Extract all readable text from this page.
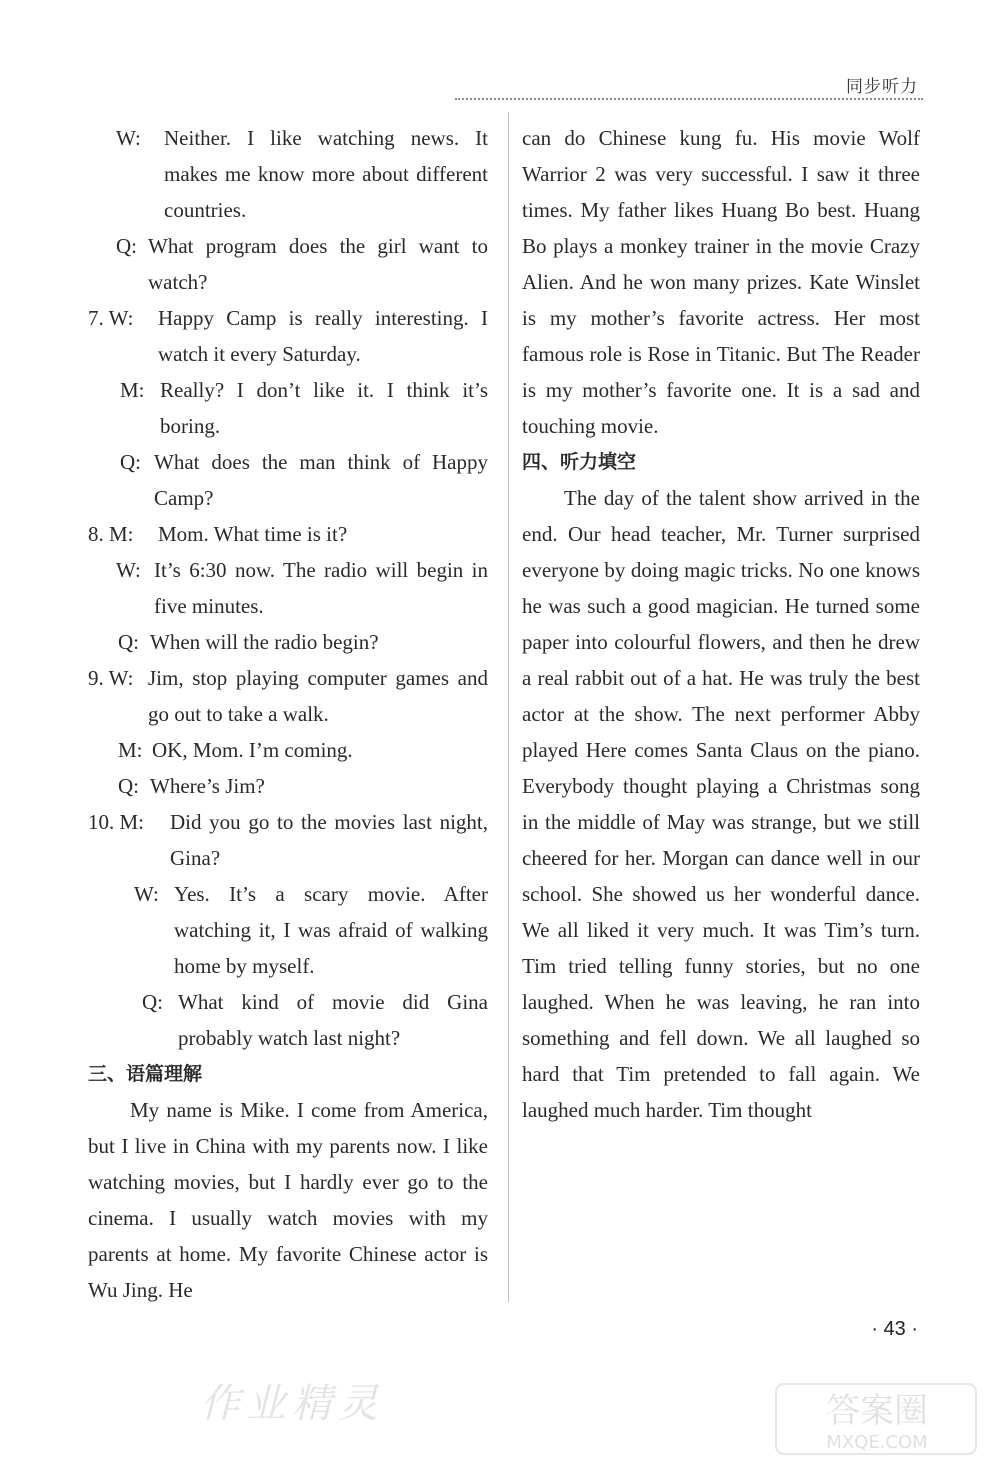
同步听力
W: Neither. I like watching news. It makes me know more about different countries.
Q: What program does the girl want to watch?
7. W: Happy Camp is really interesting. I watch it every Saturday.
M: Really? I don’t like it. I think it’s boring.
Q: What does the man think of Happy Camp?
8. M: Mom. What time is it?
W: It’s 6:30 now. The radio will begin in five minutes.
Q: When will the radio begin?
9. W: Jim, stop playing computer games and go out to take a walk.
M: OK, Mom. I’m coming.
Q: Where’s Jim?
10. M: Did you go to the movies last night, Gina?
W: Yes. It’s a scary movie. After watching it, I was afraid of walking home by myself.
Q: What kind of movie did Gina probably watch last night?

三、语篇理解

My name is Mike. I come from America, but I live in China with my parents now. I like watching movies, but I hardly ever go to the cinema. I usually watch movies with my parents at home. My favorite Chinese actor is Wu Jing. He

can do Chinese kung fu. His movie Wolf Warrior 2 was very successful. I saw it three times. My father likes Huang Bo best. Huang Bo plays a monkey trainer in the movie Crazy Alien. And he won many prizes. Kate Winslet is my mother’s favorite actress. Her most famous role is Rose in Titanic. But The Reader is my mother’s favorite one. It is a sad and touching movie.

四、听力填空

The day of the talent show arrived in the end. Our head teacher, Mr. Turner surprised everyone by doing magic tricks. No one knows he was such a good magician. He turned some paper into colourful flowers, and then he drew a real rabbit out of a hat. He was truly the best actor at the show. The next performer Abby played Here comes Santa Claus on the piano. Everybody thought playing a Christmas song in the middle of May was strange, but we still cheered for her. Morgan can dance well in our school. She showed us her wonderful dance. We all liked it very much. It was Tim’s turn. Tim tried telling funny stories, but no one laughed. When he was leaving, he ran into something and fell down. We all laughed so hard that Tim pretended to fall again. We laughed much harder. Tim thought

· 43 ·
作业精灵	答案圈
MXQE.COM
